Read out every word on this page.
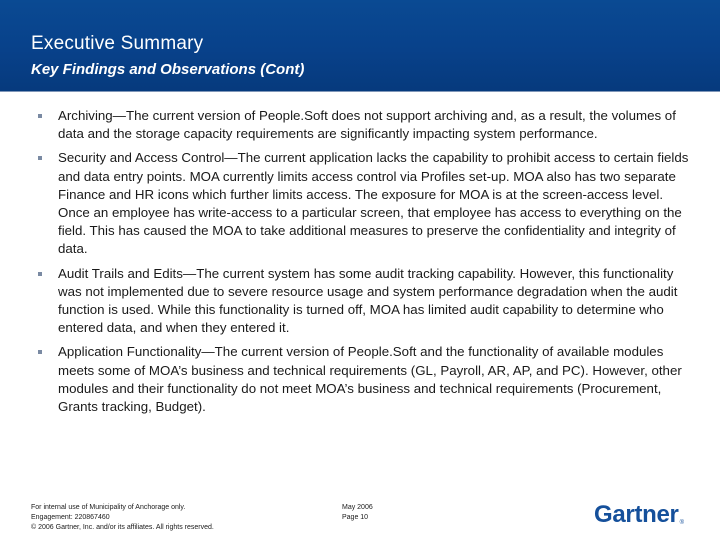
Executive Summary
Key Findings and Observations (Cont)
Archiving—The current version of People.Soft does not support archiving and, as a result, the volumes of data and the storage capacity requirements are significantly impacting system performance.
Security and Access Control—The current application lacks the capability to prohibit access to certain fields and data entry points. MOA currently limits access control via Profiles set-up. MOA also has two separate Finance and HR icons which further limits access. The exposure for MOA is at the screen-access level. Once an employee has write-access to a particular screen, that employee has access to everything on the field. This has caused the MOA to take additional measures to preserve the confidentiality and integrity of data.
Audit Trails and Edits—The current system has some audit tracking capability. However, this functionality was not implemented due to severe resource usage and system performance degradation when the audit function is used. While this functionality is turned off, MOA has limited audit capability to determine who entered data, and when they entered it.
Application Functionality—The current version of People.Soft and the functionality of available modules meets some of MOA’s business and technical requirements (GL, Payroll, AR, AP, and PC). However, other modules and their functionality do not meet MOA’s business and technical requirements (Procurement, Grants tracking, Budget).
For internal use of Municipality of Anchorage only.
Engagement: 220867460
© 2006 Gartner, Inc. and/or its affiliates. All rights reserved.
May 2006
Page 10	Gartner ®
